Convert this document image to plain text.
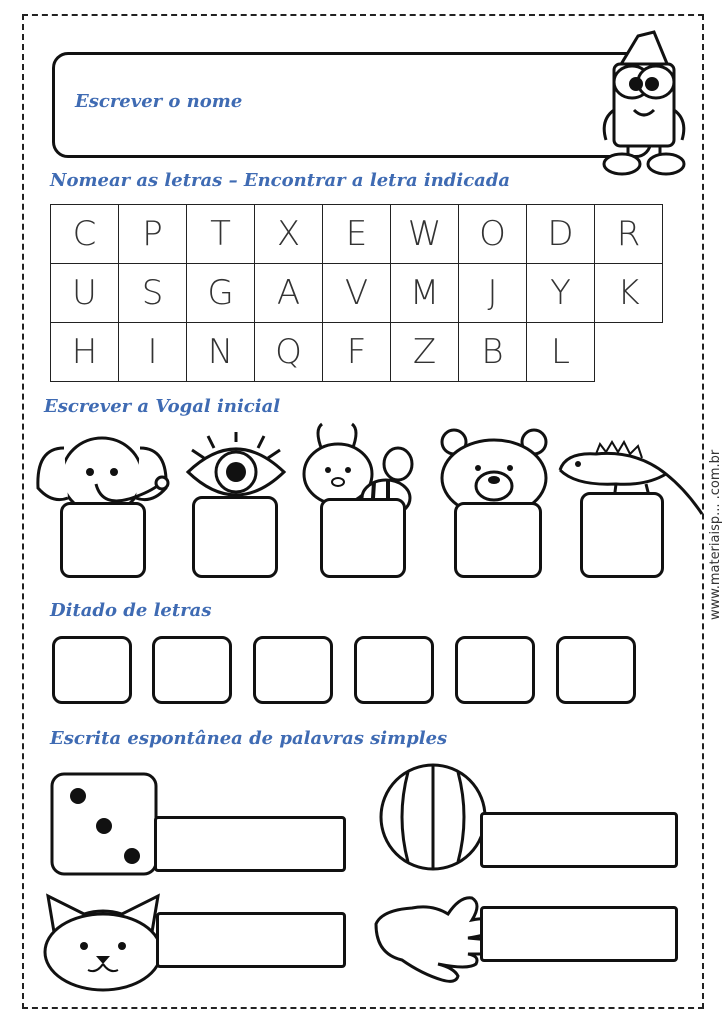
Escrever o nome
Nomear as letras – Encontrar a letra indicada
C	P	T	X	E	W	O	D	R
U	S	G	A	V	M	J	Y	K
H	I	N	Q	F	Z	B	L	
Escrever a Vogal inicial
Ditado de letras
Escrita espontânea de palavras simples
www.materiaisp... .com.br
